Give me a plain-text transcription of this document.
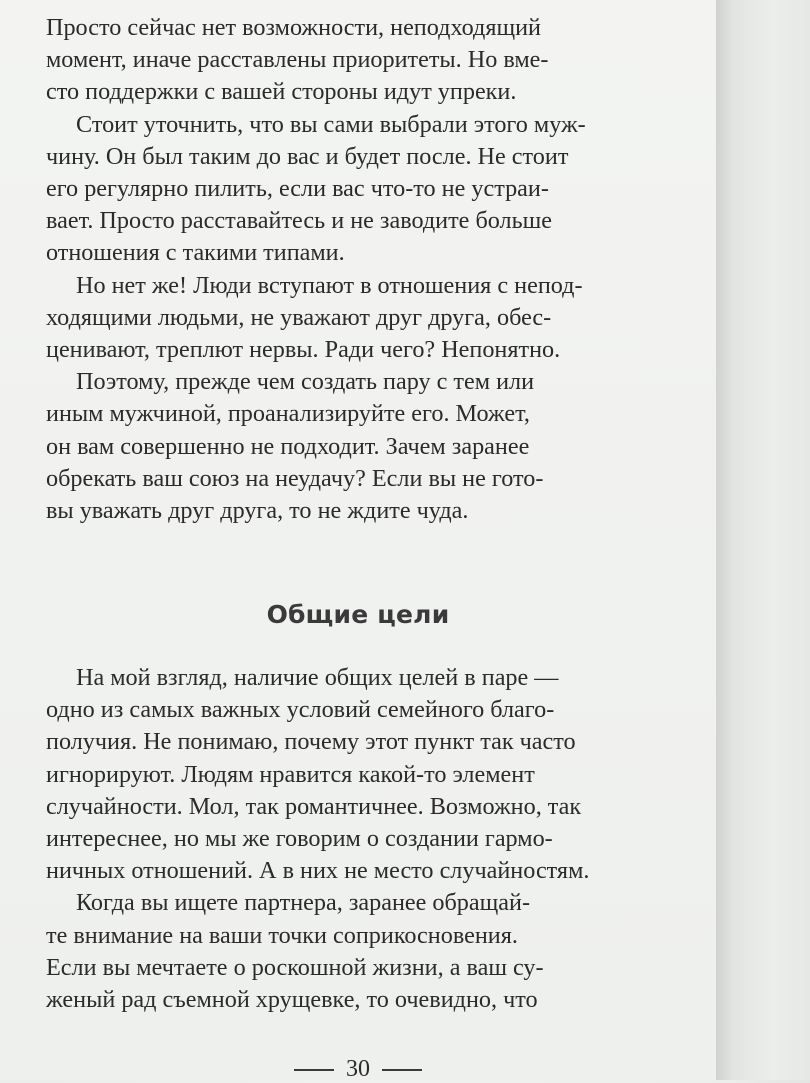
Просто сейчас нет возможности, неподходящий
момент, иначе расставлены приоритеты. Но вме-
сто поддержки с вашей стороны идут упреки.

Стоит уточнить, что вы сами выбрали этого муж-
чину. Он был таким до вас и будет после. Не стоит
его регулярно пилить, если вас что-то не устраи-
вает. Просто расставайтесь и не заводите больше
отношения с такими типами.

Но нет же! Люди вступают в отношения с непод-
ходящими людьми, не уважают друг друга, обес-
ценивают, треплют нервы. Ради чего? Непонятно.

Поэтому, прежде чем создать пару с тем или
иным мужчиной, проанализируйте его. Может,
он вам совершенно не подходит. Зачем заранее
обрекать ваш союз на неудачу? Если вы не гото-
вы уважать друг друга, то не ждите чуда.

Общие цели

На мой взгляд, наличие общих целей в паре —
одно из самых важных условий семейного благо-
получия. Не понимаю, почему этот пункт так часто
игнорируют. Людям нравится какой-то элемент
случайности. Мол, так романтичнее. Возможно, так
интереснее, но мы же говорим о создании гармо-
ничных отношений. А в них не место случайностям.

Когда вы ищете партнера, заранее обращай-
те внимание на ваши точки соприкосновения.
Если вы мечтаете о роскошной жизни, а ваш су-
женый рад съемной хрущевке, то очевидно, что

30
